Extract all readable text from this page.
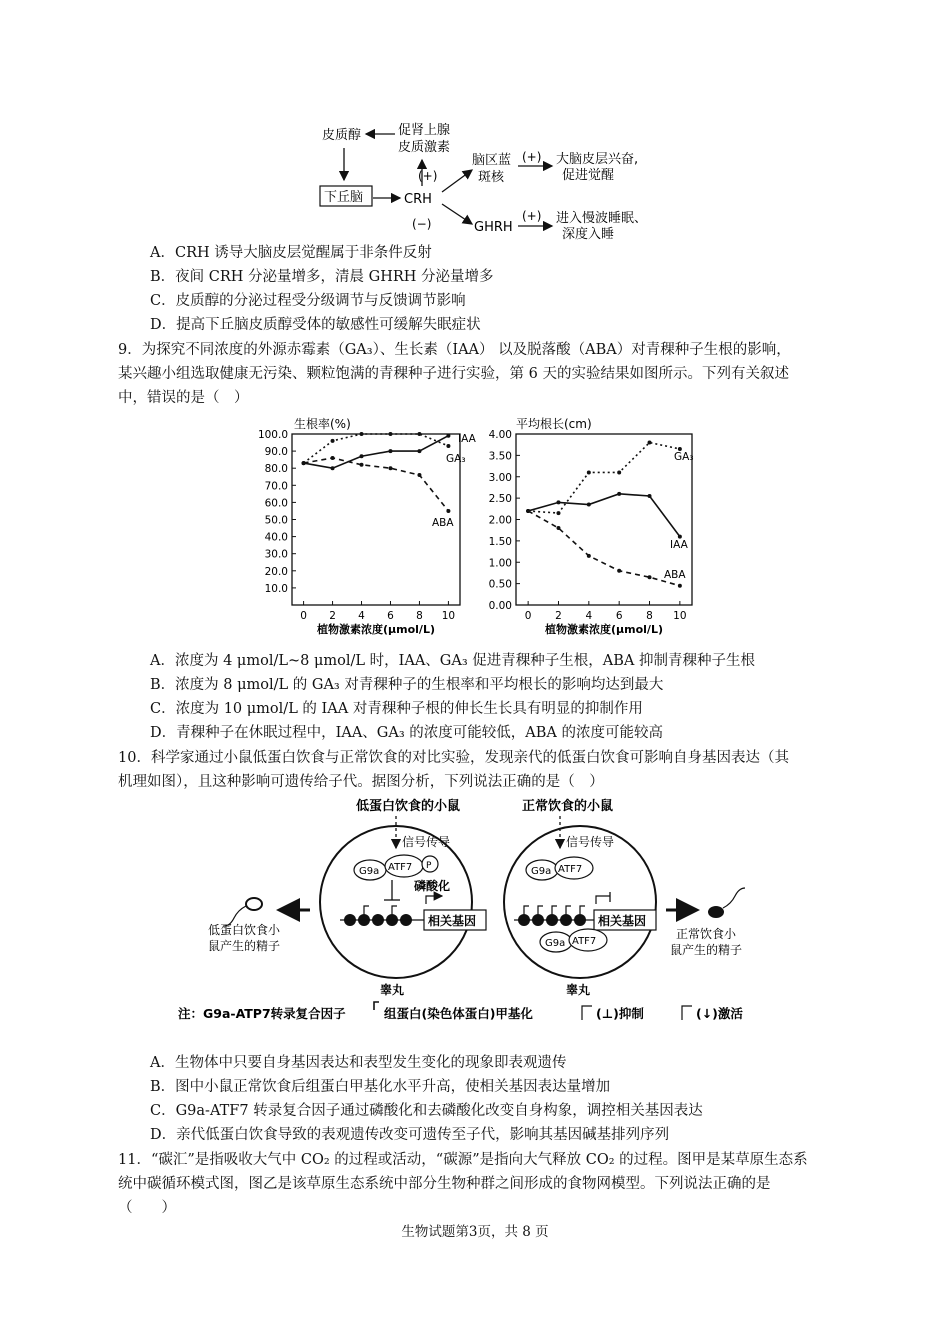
皮质醇	促肾上腺
皮质激素
下丘脑	CRH
(+)
(−)
脑区蓝
斑核
(+) 大脑皮层兴奋,
促进觉醒
GHRH
(+) 进入慢波睡眠、
深度入睡
A．CRH 诱导大脑皮层觉醒属于非条件反射
B．夜间 CRH 分泌量增多，清晨 GHRH 分泌量增多
C．皮质醇的分泌过程受分级调节与反馈调节影响
D．提高下丘脑皮质醇受体的敏感性可缓解失眠症状
9．为探究不同浓度的外源赤霉素（GA₃）、生长素（IAA） 以及脱落酸（ABA）对青稞种子生根的影响，
某兴趣小组选取健康无污染、颗粒饱满的青稞种子进行实验，第 6 天的实验结果如图所示。下列有关叙述
中，错误的是（　）
生根率(%)
10.0
20.0
30.0
40.0
50.0
60.0
70.0
80.0
90.0
100.0
0 2 4 6 8 10
植物激素浓度(μmol/L)
IAA
GA₃
ABA
平均根长(cm)
0.00
0.50
1.00
1.50
2.00
2.50
3.00
3.50
4.00
0 2 4 6 8 10
植物激素浓度(μmol/L)
GA₃
IAA
ABA
A．浓度为 4 μmol/L~8 μmol/L 时，IAA、GA₃ 促进青稞种子生根，ABA 抑制青稞种子生根
B．浓度为 8 μmol/L 的 GA₃ 对青稞种子的生根率和平均根长的影响均达到最大
C．浓度为 10 μmol/L 的 IAA 对青稞种子根的伸长生长具有明显的抑制作用
D．青稞种子在休眠过程中，IAA、GA₃ 的浓度可能较低，ABA 的浓度可能较高
10．科学家通过小鼠低蛋白饮食与正常饮食的对比实验，发现亲代的低蛋白饮食可影响自身基因表达（其
机理如图），且这种影响可遗传给子代。据图分析，下列说法正确的是（　）
低蛋白饮食的小鼠
信号传导
G9a ATF7 P
磷酸化
相关基因
睾丸
低蛋白饮食小
鼠产生的精子
正常饮食的小鼠
信号传导
G9a ATF7
相关基因
G9a ATF7
睾丸
正常饮食小
鼠产生的精子
注：G9a-ATP7转录复合因子	组蛋白(染色体蛋白)甲基化	(⊥)抑制	(↓)激活
A．生物体中只要自身基因表达和表型发生变化的现象即表观遗传
B．图中小鼠正常饮食后组蛋白甲基化水平升高，使相关基因表达量增加
C．G9a-ATF7 转录复合因子通过磷酸化和去磷酸化改变自身构象，调控相关基因表达
D．亲代低蛋白饮食导致的表观遗传改变可遗传至子代，影响其基因碱基排列序列
11．“碳汇”是指吸收大气中 CO₂ 的过程或活动，“碳源”是指向大气释放 CO₂ 的过程。图甲是某草原生态系
统中碳循环模式图，图乙是该草原生态系统中部分生物种群之间形成的食物网模型。下列说法正确的是
（　　）
生物试题第3页，共 8 页
